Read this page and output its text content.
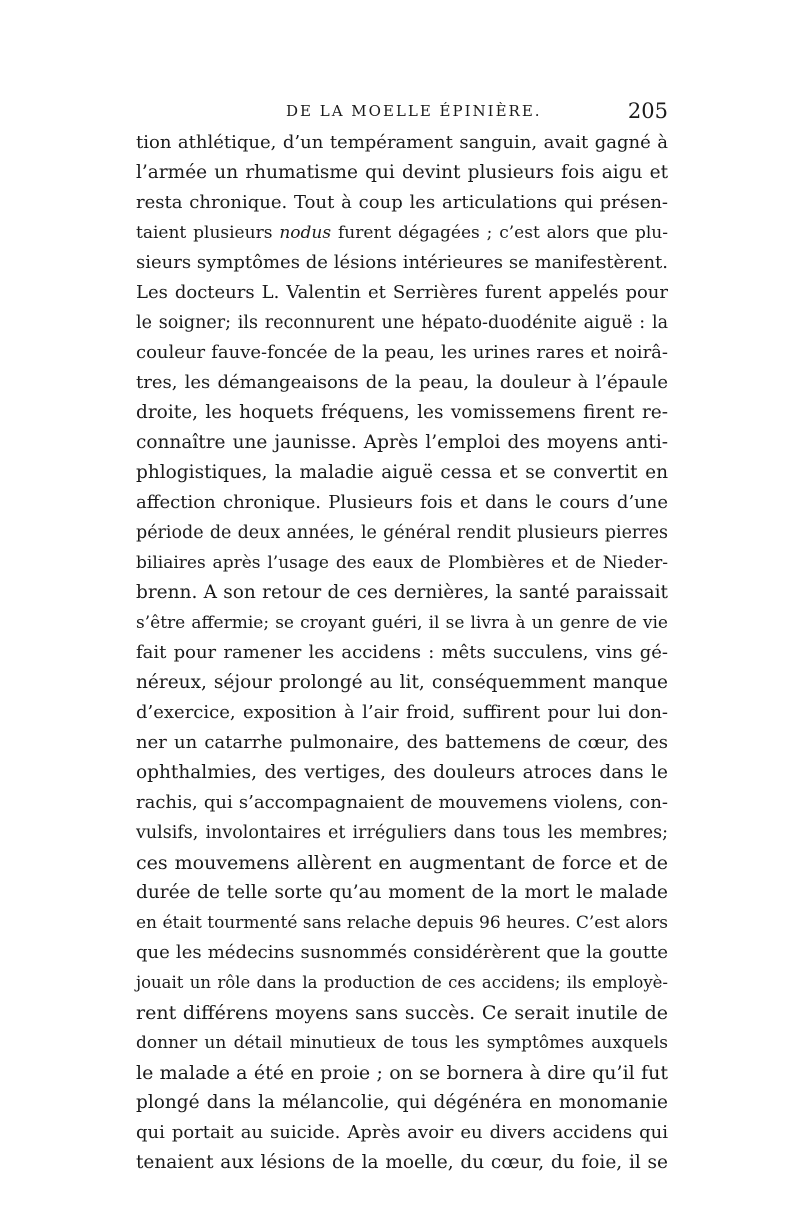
DE LA MOELLE ÉPINIÈRE.	205
tion athlétique, d’un tempérament sanguin, avait gagné à
l’armée un rhumatisme qui devint plusieurs fois aigu et
resta chronique. Tout à coup les articulations qui présen-
taient plusieurs nodus furent dégagées ; c’est alors que plu-
sieurs symptômes de lésions intérieures se manifestèrent.
Les docteurs L. Valentin et Serrières furent appelés pour
le soigner; ils reconnurent une hépato-duodénite aiguë : la
couleur fauve-foncée de la peau, les urines rares et noirâ-
tres, les démangeaisons de la peau, la douleur à l’épaule
droite, les hoquets fréquens, les vomissemens firent re-
connaître une jaunisse. Après l’emploi des moyens anti-
phlogistiques, la maladie aiguë cessa et se convertit en
affection chronique. Plusieurs fois et dans le cours d’une
période de deux années, le général rendit plusieurs pierres
biliaires après l’usage des eaux de Plombières et de Nieder-
brenn. A son retour de ces dernières, la santé paraissait
s’être affermie; se croyant guéri, il se livra à un genre de vie
fait pour ramener les accidens : mêts succulens, vins gé-
néreux, séjour prolongé au lit, conséquemment manque
d’exercice, exposition à l’air froid, suffirent pour lui don-
ner un catarrhe pulmonaire, des battemens de cœur, des
ophthalmies, des vertiges, des douleurs atroces dans le
rachis, qui s’accompagnaient de mouvemens violens, con-
vulsifs, involontaires et irréguliers dans tous les membres;
ces mouvemens allèrent en augmentant de force et de
durée de telle sorte qu’au moment de la mort le malade
en était tourmenté sans relache depuis 96 heures. C’est alors
que les médecins susnommés considérèrent que la goutte
jouait un rôle dans la production de ces accidens; ils employè-
rent différens moyens sans succès. Ce serait inutile de
donner un détail minutieux de tous les symptômes auxquels
le malade a été en proie ; on se bornera à dire qu’il fut
plongé dans la mélancolie, qui dégénéra en monomanie
qui portait au suicide. Après avoir eu divers accidens qui
tenaient aux lésions de la moelle, du cœur, du foie, il se
